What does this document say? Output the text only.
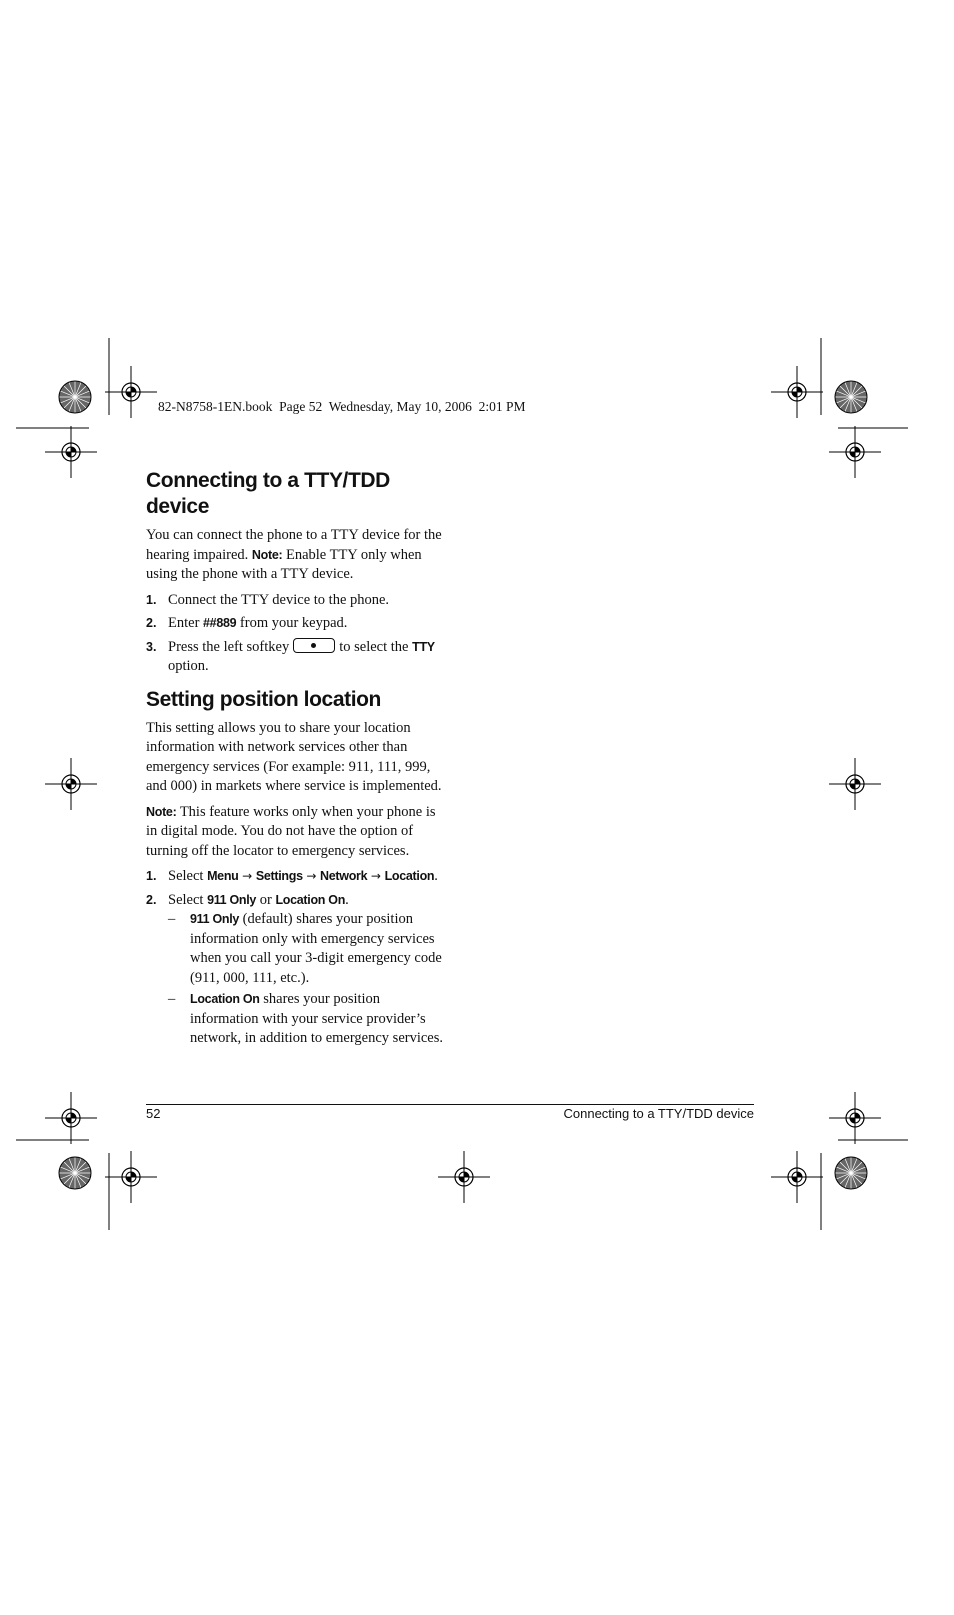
82-N8758-1EN.book  Page 52  Wednesday, May 10, 2006  2:01 PM
Connecting to a TTY/TDD device

You can connect the phone to a TTY device for the hearing impaired. Note: Enable TTY only when using the phone with a TTY device.

1. Connect the TTY device to the phone.
2. Enter ##889 from your keypad.
3. Press the left softkey	to select the TTY option.
Setting position location

This setting allows you to share your location information with network services other than emergency services (For example: 911, 111, 999, and 000) in markets where service is implemented.

Note: This feature works only when your phone is in digital mode. You do not have the option of turning off the locator to emergency services.

1. Select Menu → Settings → Network → Location.
2. Select 911 Only or Location On.
– 911 Only (default) shares your position information only with emergency services when you call your 3-digit emergency code (911, 000, 111, etc.).
– Location On shares your position information with your service provider’s network, in addition to emergency services.
52	Connecting to a TTY/TDD device
